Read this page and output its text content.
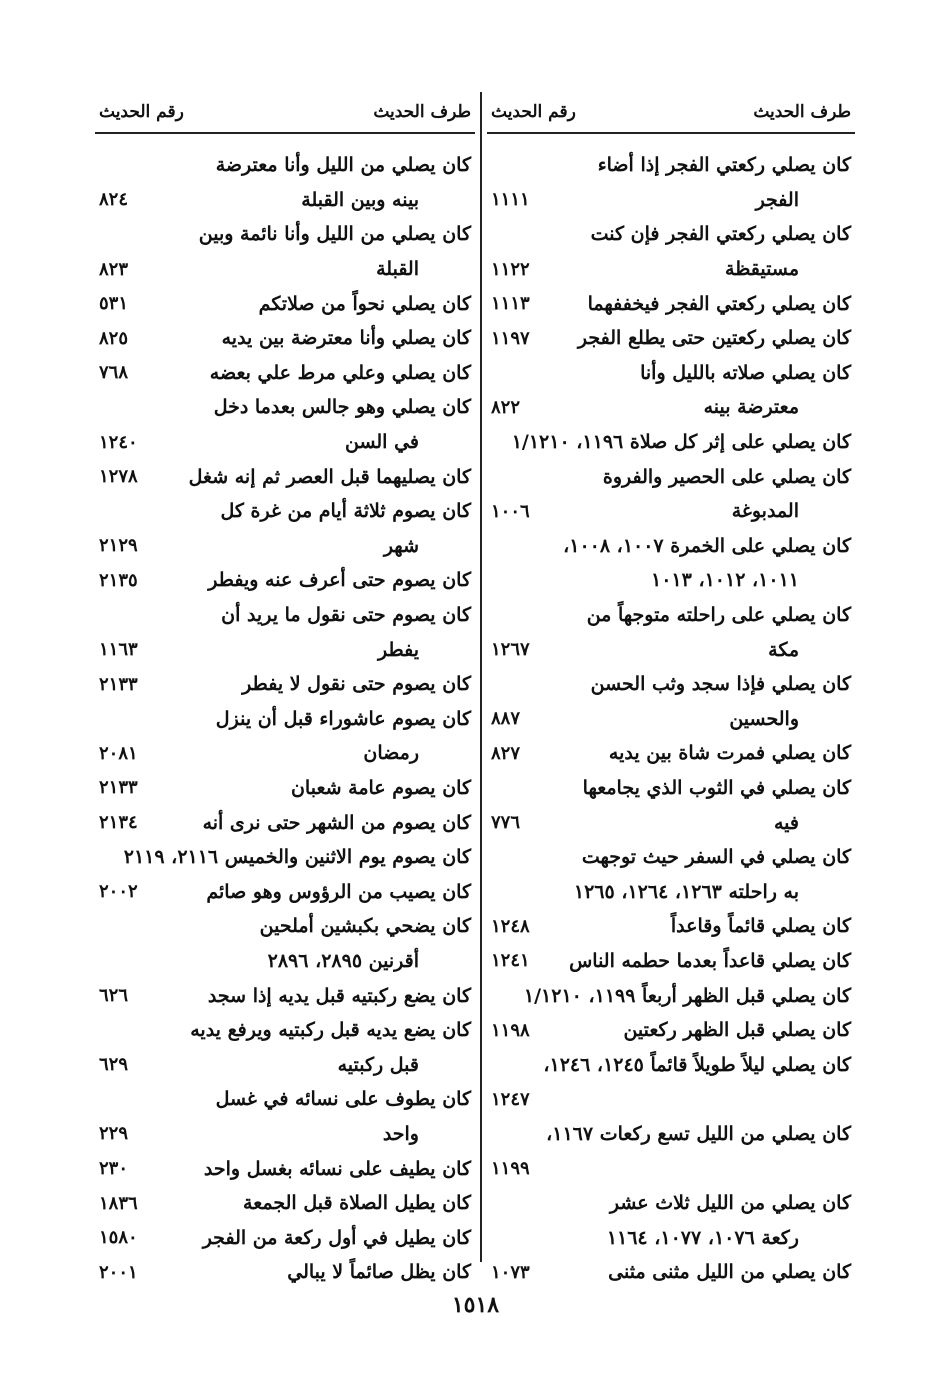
طرف الحديث
رقم الحديث
كان يصلي ركعتي الفجر إذا أضاء
الفجر
١١١١
كان يصلي ركعتي الفجر فإن كنت
مستيقظة
١١٢٢
كان يصلي ركعتي الفجر فيخففهما
١١١٣
كان يصلي ركعتين حتى يطلع الفجر
١١٩٧
كان يصلي صلاته بالليل وأنا
معترضة بينه
٨٢٢
كان يصلي على إثر كل صلاة ١١٩٦، ١/١٢١٠
كان يصلي على الحصير والفروة
المدبوغة
١٠٠٦
كان يصلي على الخمرة ١٠٠٧، ١٠٠٨،
١٠١١، ١٠١٢، ١٠١٣
كان يصلي على راحلته متوجهاً من
مكة
١٢٦٧
كان يصلي فإذا سجد وثب الحسن
والحسين
٨٨٧
كان يصلي فمرت شاة بين يديه
٨٢٧
كان يصلي في الثوب الذي يجامعها
فيه
٧٧٦
كان يصلي في السفر حيث توجهت
به راحلته ١٢٦٣، ١٢٦٤، ١٢٦٥
كان يصلي قائماً وقاعداً
١٢٤٨
كان يصلي قاعداً بعدما حطمه الناس
١٢٤١
كان يصلي قبل الظهر أربعاً ١١٩٩، ١/١٢١٠
كان يصلي قبل الظهر ركعتين
١١٩٨
كان يصلي ليلاً طويلاً قائماً ١٢٤٥، ١٢٤٦،
١٢٤٧
كان يصلي من الليل تسع ركعات ١١٦٧،
١١٩٩
كان يصلي من الليل ثلاث عشر
ركعة ١٠٧٦، ١٠٧٧، ١١٦٤
كان يصلي من الليل مثنى مثنى
١٠٧٣
طرف الحديث
رقم الحديث
كان يصلي من الليل وأنا معترضة
بينه وبين القبلة
٨٢٤
كان يصلي من الليل وأنا نائمة وبين
القبلة
٨٢٣
كان يصلي نحواً من صلاتكم
٥٣١
كان يصلي وأنا معترضة بين يديه
٨٢٥
كان يصلي وعلي مرط علي بعضه
٧٦٨
كان يصلي وهو جالس بعدما دخل
في السن
١٢٤٠
كان يصليهما قبل العصر ثم إنه شغل
١٢٧٨
كان يصوم ثلاثة أيام من غرة كل
شهر
٢١٢٩
كان يصوم حتى أعرف عنه ويفطر
٢١٣٥
كان يصوم حتى نقول ما يريد أن
يفطر
١١٦٣
كان يصوم حتى نقول لا يفطر
٢١٣٣
كان يصوم عاشوراء قبل أن ينزل
رمضان
٢٠٨١
كان يصوم عامة شعبان
٢١٣٣
كان يصوم من الشهر حتى نرى أنه
٢١٣٤
كان يصوم يوم الاثنين والخميس ٢١١٦، ٢١١٩
كان يصيب من الرؤوس وهو صائم
٢٠٠٢
كان يضحي بكبشين أملحين
أقرنين ٢٨٩٥، ٢٨٩٦
كان يضع ركبتيه قبل يديه إذا سجد
٦٢٦
كان يضع يديه قبل ركبتيه ويرفع يديه
قبل ركبتيه
٦٢٩
كان يطوف على نسائه في غسل
واحد
٢٢٩
كان يطيف على نسائه بغسل واحد
٢٣٠
كان يطيل الصلاة قبل الجمعة
١٨٣٦
كان يطيل في أول ركعة من الفجر
١٥٨٠
كان يظل صائماً لا يبالي
٢٠٠١
١٥١٨
